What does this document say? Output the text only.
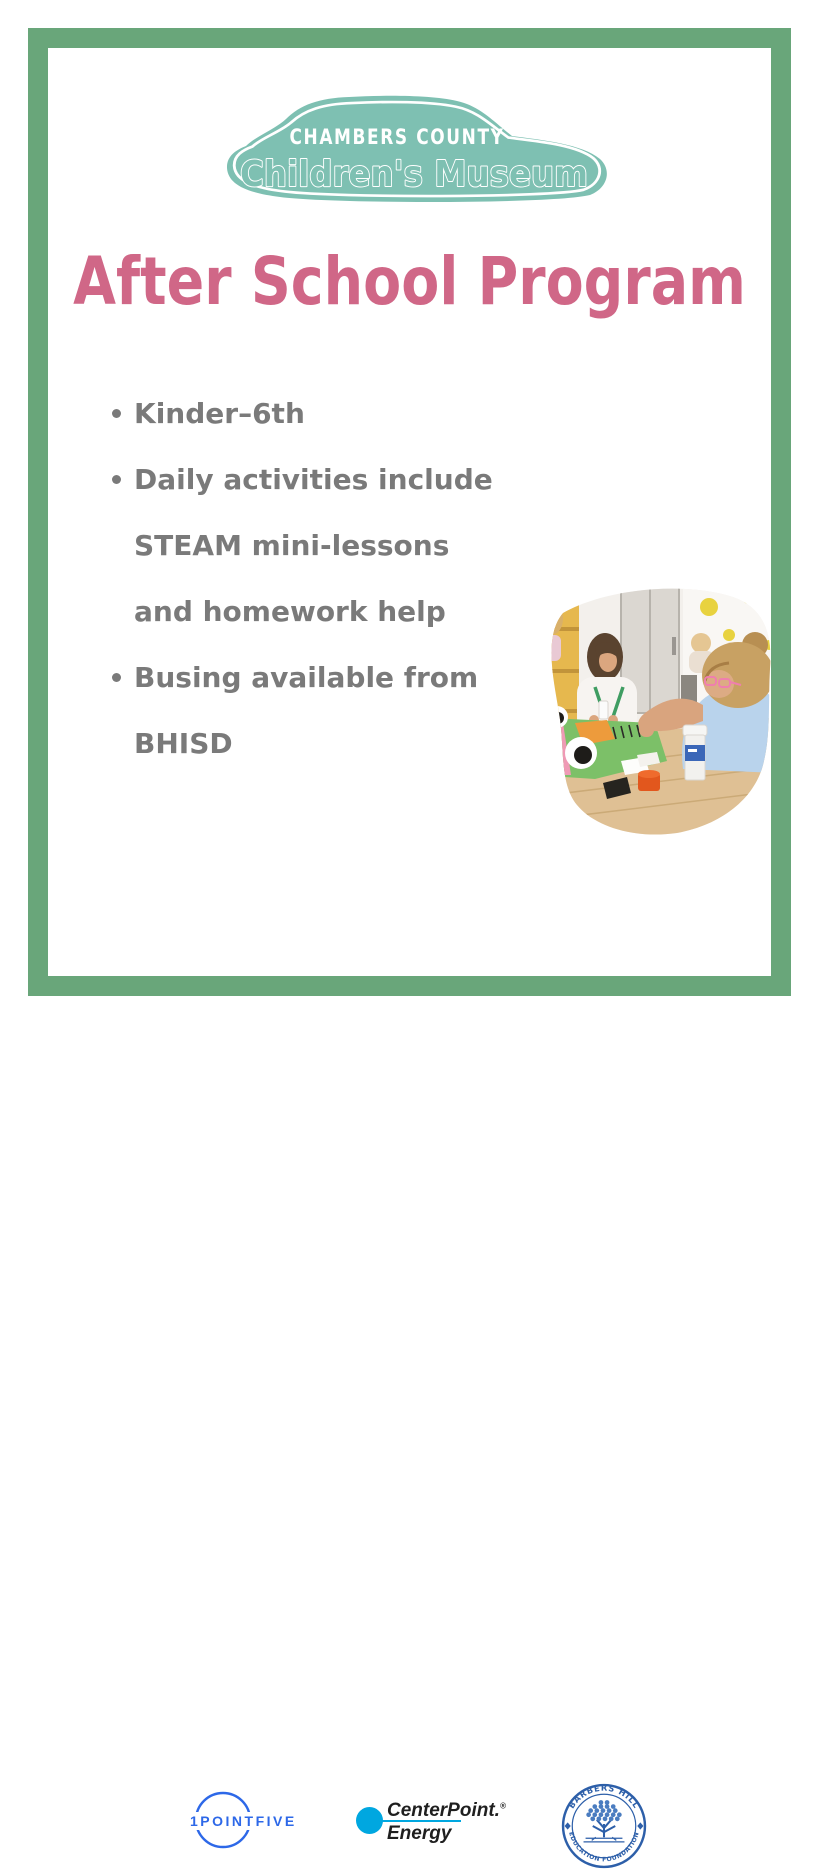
CHAMBERS COUNTY
Children's Museum
After School Program
Kinder–6th
Daily activities include
STEAM mini-lessons
and homework help
Busing available from
BHISD
1POINTFIVE	CenterPoint.®
Energy
BARBERS HILL
EDUCATION FOUNDATION
